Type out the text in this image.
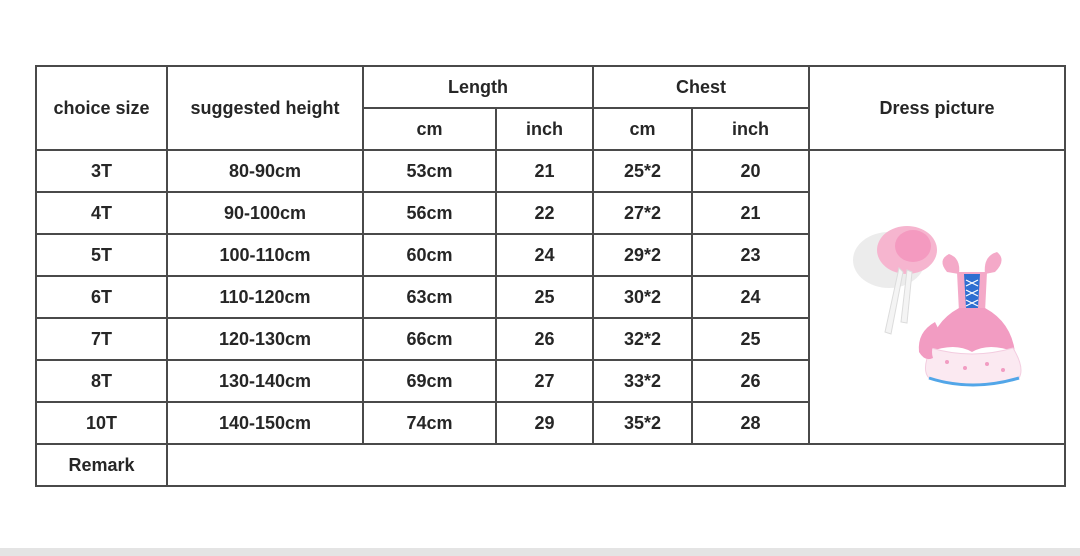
choice size	suggested height	Length		Chest		Dress picture
		cm	inch	cm	inch	
3T	80-90cm	53cm	21	25*2	20	

4T	90-100cm	56cm	22	27*2	21	
5T	100-110cm	60cm	24	29*2	23	
6T	110-120cm	63cm	25	30*2	24	
7T	120-130cm	66cm	26	32*2	25	
8T	130-140cm	69cm	27	33*2	26	
10T	140-150cm	74cm	29	35*2	28	
Remark						
